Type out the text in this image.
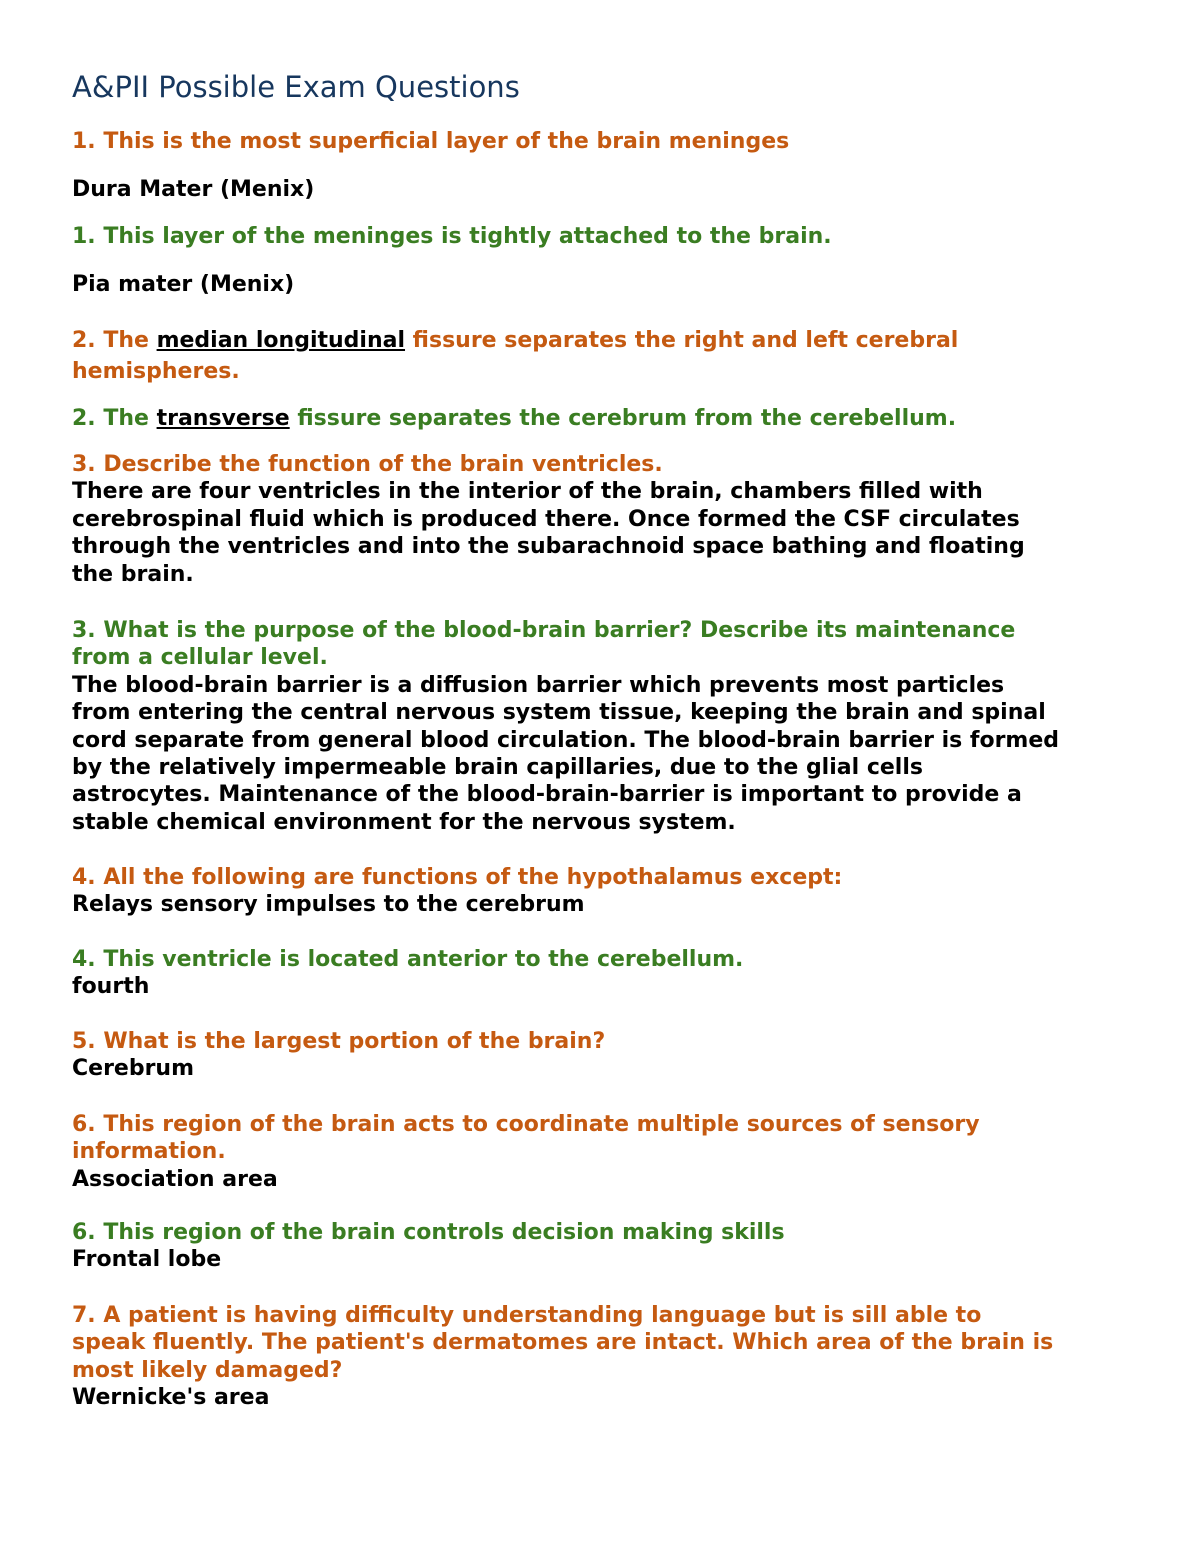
A&PII Possible Exam Questions
1. This is the most superficial layer of the brain meninges
Dura Mater (Menix)
1. This layer of the meninges is tightly attached to the brain.
Pia mater (Menix)
2. The median longitudinal fissure separates the right and left cerebral
hemispheres.
2. The transverse fissure separates the cerebrum from the cerebellum.
3. Describe the function of the brain ventricles.
There are four ventricles in the interior of the brain, chambers filled with
cerebrospinal fluid which is produced there. Once formed the CSF circulates
through the ventricles and into the subarachnoid space bathing and floating
the brain.
3. What is the purpose of the blood-brain barrier? Describe its maintenance
from a cellular level.
The blood-brain barrier is a diffusion barrier which prevents most particles
from entering the central nervous system tissue, keeping the brain and spinal
cord separate from general blood circulation. The blood-brain barrier is formed
by the relatively impermeable brain capillaries, due to the glial cells
astrocytes. Maintenance of the blood-brain-barrier is important to provide a
stable chemical environment for the nervous system.
4. All the following are functions of the hypothalamus except:
Relays sensory impulses to the cerebrum
4. This ventricle is located anterior to the cerebellum.
fourth
5. What is the largest portion of the brain?
Cerebrum
6. This region of the brain acts to coordinate multiple sources of sensory
information.
Association area
6. This region of the brain controls decision making skills
Frontal lobe
7. A patient is having difficulty understanding language but is sill able to
speak fluently. The patient's dermatomes are intact. Which area of the brain is
most likely damaged?
Wernicke's area
